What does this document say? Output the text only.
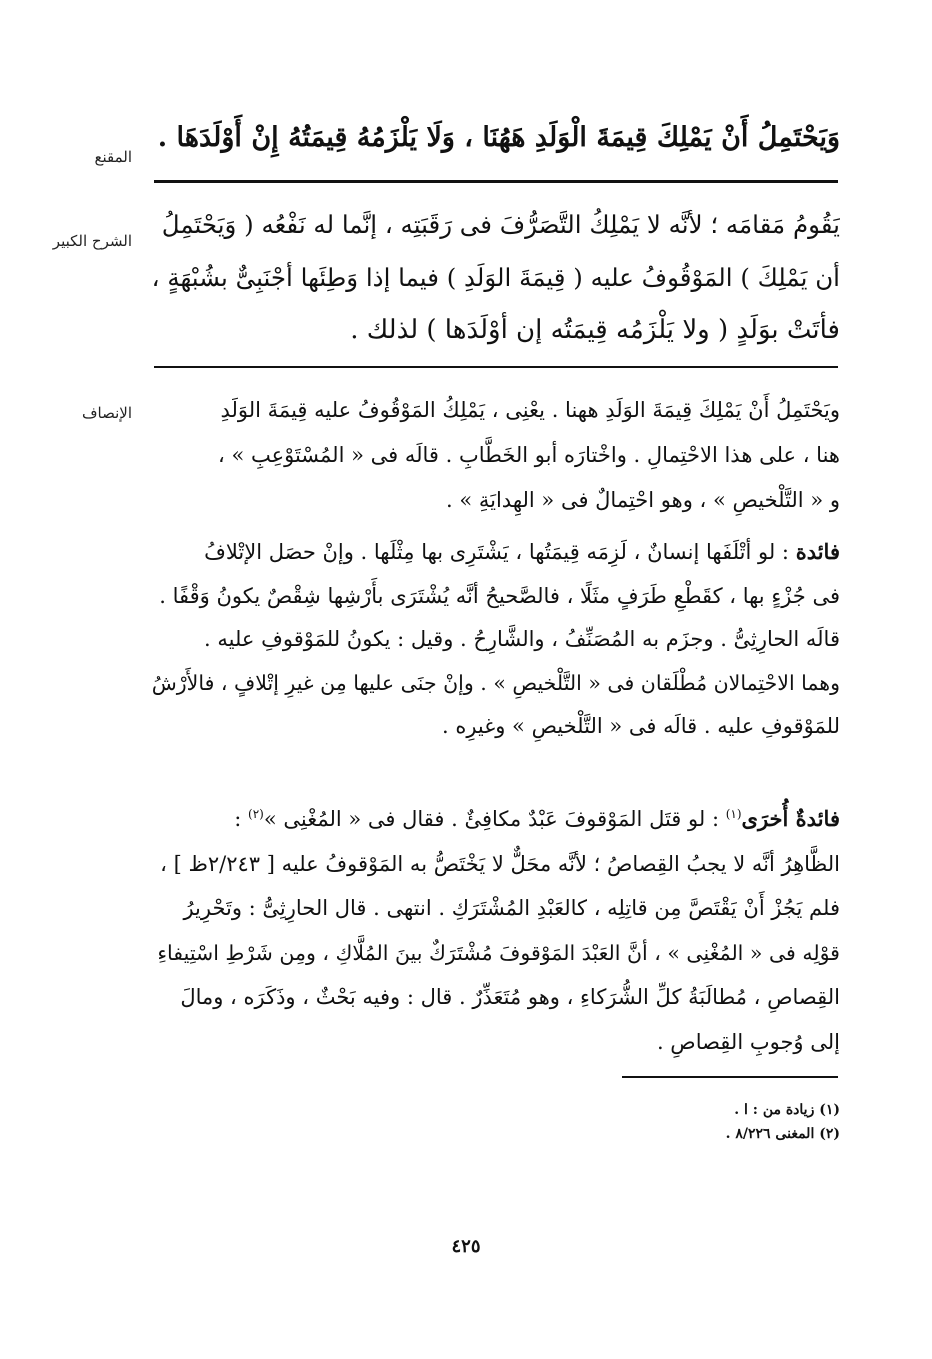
المقنع
الشرح الكبير
الإنصاف
وَيَحْتَمِلُ أَنْ يَمْلِكَ قِيمَةَ الْوَلَدِ هَهُنَا ، وَلَا يَلْزَمُهُ قِيمَتُهُ إِنْ أَوْلَدَهَا .
يَقُومُ مَقامَه ؛ لأنَّه لا يَمْلِكُ التَّصَرُّفَ فى رَقَبَتِه ، إنَّما له نَفْعُه ( وَيَحْتَمِلُ
أن يَمْلِكَ ) المَوْقُوفُ عليه ( قِيمَةَ الوَلَدِ ) فيما إذا وَطِئَها أجْنَبِىٌّ بشُبْهَةٍ ،
فأتَتْ بوَلَدٍ ( ولا يَلْزَمُه قِيمَتُه إن أوْلَدَها ) لذلك .
ويَحْتَمِلُ أَنْ يَمْلِكَ قِيمَةَ الوَلَدِ ههنا . يعْنِى ، يَمْلِكُ المَوْقُوفُ عليه قِيمَةَ الوَلَدِ
هنا ، على هذا الاحْتِمالِ . واخْتارَه أبو الخَطَّابِ . قالَه فى « المُسْتَوْعِبِ » ،
و « التَّلْخيصِ » ، وهو احْتِمالٌ فى « الهِدايَةِ » .
فائدة : لو أتْلَفَها إنسانٌ ، لَزِمَه قِيمَتُها ، يَشْتَرِى بها مِثْلَها . وإنْ حصَل الإتْلافُ
فى جُزْءٍ بها ، كقَطْعِ طَرَفٍ مثَلًا ، فالصَّحيحُ أنَّه يُشْتَرَى بأَرْشِها شِقْصٌ يكونُ وَقْفًا .
قالَه الحارِثِىُّ . وجزَم به المُصَنِّفُ ، والشَّارِحُ . وقيل : يكونُ للمَوْقوفِ عليه .
وهما الاحْتِمالان مُطْلَقان فى « التَّلْخيصِ » . وإنْ جنَى عليها مِن غيرِ إتْلافٍ ، فالأَرْشُ
للمَوْقوفِ عليه . قالَه فى « التَّلْخيصِ » وغيرِه .
فائدةٌ أُخرَى$^{(١)}$ : لو قتَل المَوْقوفَ عَبْدٌ مكافِئٌ . فقال فى « المُغْنِى »$^{(٢)}$ :
الظَّاهِرُ أنَّه لا يجبُ القِصاصُ ؛ لأنَّه محَلٌّ لا يَخْتَصُّ به المَوْقوفُ عليه [ ٢/٢٤٣ظ ] ،
فلم يَجُزْ أَنْ يَقْتَصَّ مِن قاتِلِه ، كالعَبْدِ المُشْتَرَكِ . انتهى . قال الحارِثِىُّ : وتَحْرِيرُ
قوْلِه فى « المُغْنِى » ، أنَّ العَبْدَ المَوْقوفَ مُشْتَرَكٌ بينَ المُلَّاكِ ، ومِن شَرْطِ اسْتِيفاءِ
القِصاصِ ، مُطالَبَةُ كلِّ الشُّرَكاءِ ، وهو مُتَعَذِّرٌ . قال : وفيه بَحْثٌ ، وذَكَرَه ، ومالَ
إلى وُجوبِ القِصاصِ .
(١) زيادة من : ا .
(٢) المغنى ٨/٢٢٦ .
٤٢٥
